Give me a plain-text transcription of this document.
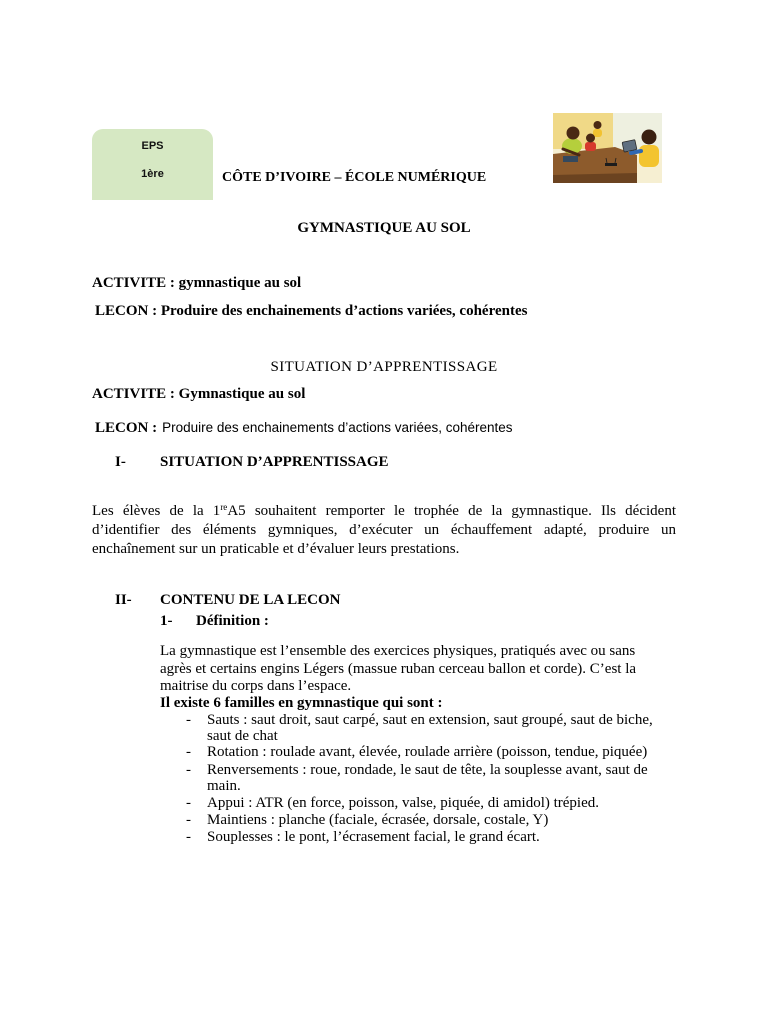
EPS
1ère	CÔTE D’IVOIRE – ÉCOLE NUMÉRIQUE
GYMNASTIQUE AU SOL
ACTIVITE : gymnastique au sol
LECON : Produire des enchainements d’actions variées, cohérentes
SITUATION D’APPRENTISSAGE
ACTIVITE : Gymnastique au sol
LECON : Produire des enchainements d’actions variées, cohérentes
I- SITUATION D’APPRENTISSAGE
Les élèves de la 1reA5 souhaitent remporter le trophée de la gymnastique. Ils décident
d’identifier des éléments gymniques, d’exécuter un échauffement adapté, produire un
enchaînement sur un praticable et d’évaluer leurs prestations.
II- CONTENU DE LA LECON
1- Définition :
La gymnastique est l’ensemble des exercices physiques, pratiqués avec ou sans
agrès et certains engins Légers (massue ruban cerceau ballon et corde). C’est la
maitrise du corps dans l’espace.
Il existe 6 familles en gymnastique qui sont :
- Sauts : saut droit, saut carpé, saut en extension, saut groupé, saut de biche, saut de chat
- Rotation : roulade avant, élevée, roulade arrière (poisson, tendue, piquée)
- Renversements : roue, rondade, le saut de tête, la souplesse avant, saut de main.
- Appui : ATR (en force, poisson, valse, piquée, di amidol) trépied.
- Maintiens : planche (faciale, écrasée, dorsale, costale, Y)
- Souplesses : le pont, l’écrasement facial, le grand écart.
